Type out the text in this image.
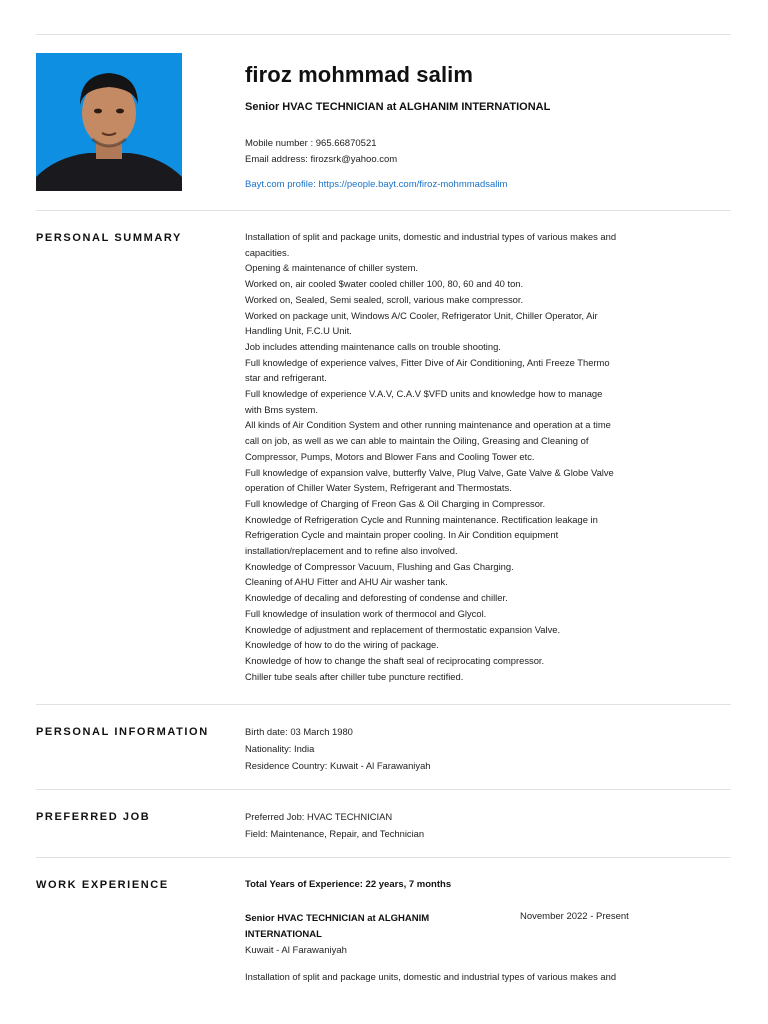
firoz mohmmad salim
Senior HVAC TECHNICIAN at ALGHANIM INTERNATIONAL
Mobile number : 965.66870521
Email address: firozsrk@yahoo.com
Bayt.com profile: https://people.bayt.com/firoz-mohmmadsalim
PERSONAL SUMMARY	Installation of split and package units, domestic and industrial types of various makes and
capacities.
Opening & maintenance of chiller system.
Worked on, air cooled $water cooled chiller 100, 80, 60 and 40 ton.
Worked on, Sealed, Semi sealed, scroll, various make compressor.
Worked on package unit, Windows A/C Cooler, Refrigerator Unit, Chiller Operator, Air
Handling Unit, F.C.U Unit.
Job includes attending maintenance calls on trouble shooting.
Full knowledge of experience valves, Fitter Dive of Air Conditioning, Anti Freeze Thermo
star and refrigerant.
Full knowledge of experience V.A.V, C.A.V $VFD units and knowledge how to manage
with Bms system.
All kinds of Air Condition System and other running maintenance and operation at a time
call on job, as well as we can able to maintain the Oiling, Greasing and Cleaning of
Compressor, Pumps, Motors and Blower Fans and Cooling Tower etc.
Full knowledge of expansion valve, butterfly Valve, Plug Valve, Gate Valve & Globe Valve
operation of Chiller Water System, Refrigerant and Thermostats.
Full knowledge of Charging of Freon Gas & Oil Charging in Compressor.
Knowledge of Refrigeration Cycle and Running maintenance. Rectification leakage in
Refrigeration Cycle and maintain proper cooling. In Air Condition equipment
installation/replacement and to refine also involved.
Knowledge of Compressor Vacuum, Flushing and Gas Charging.
Cleaning of AHU Fitter and AHU Air washer tank.
Knowledge of decaling and deforesting of condense and chiller.
Full knowledge of insulation work of thermocol and Glycol.
Knowledge of adjustment and replacement of thermostatic expansion Valve.
Knowledge of how to do the wiring of package.
Knowledge of how to change the shaft seal of reciprocating compressor.
Chiller tube seals after chiller tube puncture rectified.
PERSONAL INFORMATION	Birth date: 03 March 1980
Nationality: India
Residence Country: Kuwait - Al Farawaniyah
PREFERRED JOB	Preferred Job: HVAC TECHNICIAN
Field: Maintenance, Repair, and Technician
WORK EXPERIENCE	Total Years of Experience: 22 years, 7 months
Senior HVAC TECHNICIAN at ALGHANIM INTERNATIONAL
November 2022 - Present
Kuwait - Al Farawaniyah
Installation of split and package units, domestic and industrial types of various makes and
